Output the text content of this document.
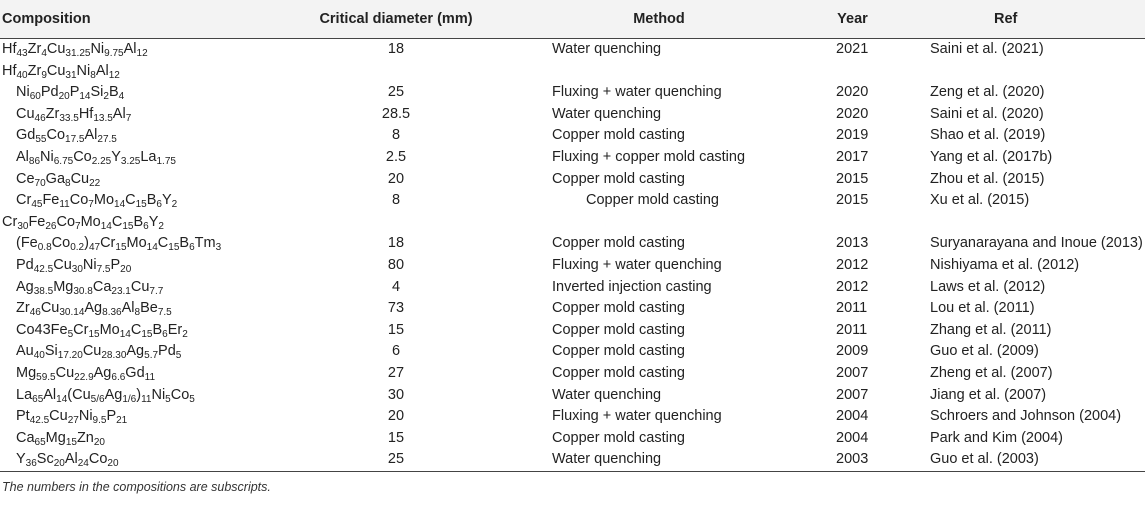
Composition	Critical diameter (mm)	Method	Year	Ref
$Hf_{43}Zr_4Cu_{31.25}Ni_{9.75}Al_{12}$	18	Water quenching	2021	Saini et al. (2021)
$Hf_{40}Zr_9Cu_{31}Ni_8Al_{12}$				
$Ni_{60}Pd_{20}P_{14}Si_2B_4$	25	Fluxing + water quenching	2020	Zeng et al. (2020)
$Cu_{46}Zr_{33.5}Hf_{13.5}Al_7$	28.5	Water quenching	2020	Saini et al. (2020)
$Gd_{55}Co_{17.5}Al_{27.5}$	8	Copper mold casting	2019	Shao et al. (2019)
$Al_{86}Ni_{6.75}Co_{2.25}Y_{3.25}La_{1.75}$	2.5	Fluxing + copper mold casting	2017	Yang et al. (2017b)
$Ce_{70}Ga_8Cu_{22}$	20	Copper mold casting	2015	Zhou et al. (2015)
$Cr_{45}Fe_{11}Co_7Mo_{14}C_{15}B_6Y_2$	8	Copper mold casting	2015	Xu et al. (2015)
$Cr_{30}Fe_{26}Co_7Mo_{14}C_{15}B_6Y_2$				
$(Fe_{0.8}Co_{0.2})_{47}Cr_{15}Mo_{14}C_{15}B_6Tm_3$	18	Copper mold casting	2013	Suryanarayana and Inoue (2013)
$Pd_{42.5}Cu_{30}Ni_{7.5}P_{20}$	80	Fluxing + water quenching	2012	Nishiyama et al. (2012)
$Ag_{38.5}Mg_{30.8}Ca_{23.1}Cu_{7.7}$	4	Inverted injection casting	2012	Laws et al. (2012)
$Zr_{46}Cu_{30.14}Ag_{8.36}Al_8Be_{7.5}$	73	Copper mold casting	2011	Lou et al. (2011)
$Co43Fe_5Cr_{15}Mo_{14}C_{15}B_6Er_2$	15	Copper mold casting	2011	Zhang et al. (2011)
$Au_{40}Si_{17.20}Cu_{28.30}Ag_{5.7}Pd_5$	6	Copper mold casting	2009	Guo et al. (2009)
$Mg_{59.5}Cu_{22.9}Ag_{6.6}Gd_{11}$	27	Copper mold casting	2007	Zheng et al. (2007)
$La_{65}Al_{14}(Cu_{5/6}Ag_{1/6})_{11}Ni_5Co_5$	30	Water quenching	2007	Jiang et al. (2007)
$Pt_{42.5}Cu_{27}Ni_{9.5}P_{21}$	20	Fluxing + water quenching	2004	Schroers and Johnson (2004)
$Ca_{65}Mg_{15}Zn_{20}$	15	Copper mold casting	2004	Park and Kim (2004)
$Y_{36}Sc_{20}Al_{24}Co_{20}$	25	Water quenching	2003	Guo et al. (2003)
The numbers in the compositions are subscripts.
